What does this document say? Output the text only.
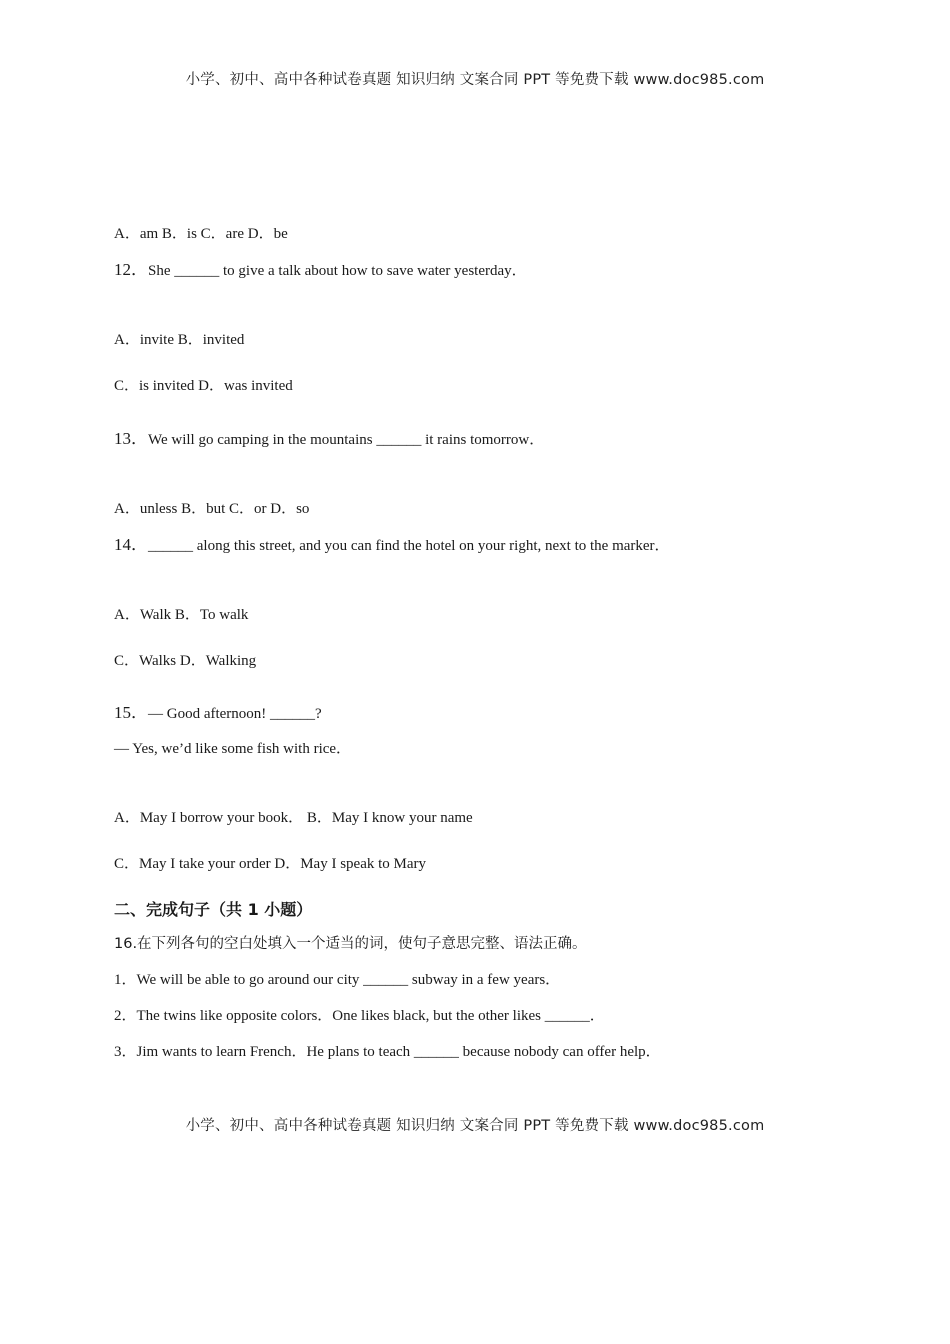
小学、初中、高中各种试卷真题 知识归纳 文案合同 PPT 等免费下载 www.doc985.com
A．am B．is C．are D．be
12．She ______ to give a talk about how to save water yesterday．
A．invite B．invited
C．is invited D．was invited
13．We will go camping in the mountains ______ it rains tomorrow．
A．unless B．but C．or D．so
14．______ along this street, and you can find the hotel on your right, next to the marker．
A．Walk B．To walk
C．Walks D．Walking
15．— Good afternoon! ______?
— Yes, we’d like some fish with rice．
A．May I borrow your book． B．May I know your name
C．May I take your order D．May I speak to Mary
二、完成句子（共 1 小题）
16.在下列各句的空白处填入一个适当的词，使句子意思完整、语法正确。
1．We will be able to go around our city ______ subway in a few years．
2．The twins like opposite colors．One likes black, but the other likes ______．
3．Jim wants to learn French．He plans to teach ______ because nobody can offer help．
小学、初中、高中各种试卷真题 知识归纳 文案合同 PPT 等免费下载 www.doc985.com
